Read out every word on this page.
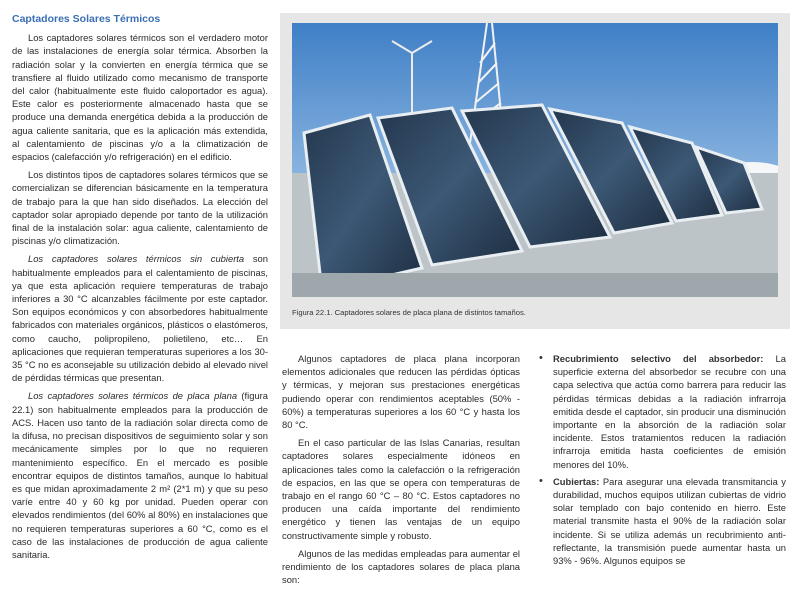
Captadores Solares Térmicos

Los captadores solares térmicos son el verdadero motor de las instalaciones de energía solar térmica. Absorben la radiación solar y la convierten en energía térmica que se transfiere al fluido utilizado como mecanismo de transporte del calor (habitualmente este fluido caloportador es agua). Este calor es posteriormente almacenado hasta que se produce una demanda energética debida a la producción de agua caliente sanitaria, que es la aplicación más extendida, al calentamiento de piscinas y/o a la climatización de espacios (calefacción y/o refrigeración) en el edificio.

Los distintos tipos de captadores solares térmicos que se comercializan se diferencian básicamente en la temperatura de trabajo para la que han sido diseñados. La elección del captador solar apropiado depende por tanto de la utilización final de la instalación solar: agua caliente, calentamiento de piscinas y/o climatización.

Los captadores solares térmicos sin cubierta son habitualmente empleados para el calentamiento de piscinas, ya que esta aplicación requiere temperaturas de trabajo inferiores a 30 °C alcanzables fácilmente por este captador. Son equipos económicos y con absorbedores habitualmente fabricados con materiales orgánicos, plásticos o elastómeros, como caucho, polipropileno, polietileno, etc… En aplicaciones que requieran temperaturas superiores a los 30-35 °C no es aconsejable su utilización debido al elevado nivel de pérdidas térmicas que presentan.

Los captadores solares térmicos de placa plana (figura 22.1) son habitualmente empleados para la producción de ACS. Hacen uso tanto de la radiación solar directa como de la difusa, no precisan dispositivos de seguimiento solar y son mecánicamente simples por lo que no requieren mantenimiento específico. En el mercado es posible encontrar equipos de distintos tamaños, aunque lo habitual es que midan aproximadamente 2 m² (2*1 m) y que su peso varíe entre 40 y 60 kg por unidad. Pueden operar con elevados rendimientos (del 60% al 80%) en instalaciones que no requieren temperaturas superiores a 60 °C, como es el caso de las instalaciones de producción de agua caliente sanitaria.

Figura 22.1. Captadores solares de placa plana de distintos tamaños.

Algunos captadores de placa plana incorporan elementos adicionales que reducen las pérdidas ópticas y térmicas, y mejoran sus prestaciones energéticas pudiendo operar con rendimientos aceptables (50% - 60%) a temperaturas superiores a los 60 °C y hasta los 80 °C.

En el caso particular de las Islas Canarias, resultan captadores solares especialmente idóneos en aplicaciones tales como la calefacción o la refrigeración de espacios, en las que se opera con temperaturas de trabajo en el rango 60 °C – 80 °C. Estos captadores no producen una caída importante del rendimiento energético y tienen las ventajas de un equipo constructivamente simple y robusto.

Algunos de las medidas empleadas para aumentar el rendimiento de los captadores solares de placa plana son:

• Recubrimiento selectivo del absorbedor: La superficie externa del absorbedor se recubre con una capa selectiva que actúa como barrera para reducir las pérdidas térmicas debidas a la radiación infrarroja emitida desde el captador, sin producir una disminución importante en la absorción de la radiación solar incidente. Estos tratamientos reducen la radiación infrarroja emitida hasta coeficientes de emisión menores del 10%.
• Cubiertas: Para asegurar una elevada transmitancia y durabilidad, muchos equipos utilizan cubiertas de vidrio solar templado con bajo contenido en hierro. Este material transmite hasta el 90% de la radiación solar incidente. Si se utiliza además un recubrimiento anti-reflectante, la transmisión puede aumentar hasta un 93% - 96%. Algunos equipos se
